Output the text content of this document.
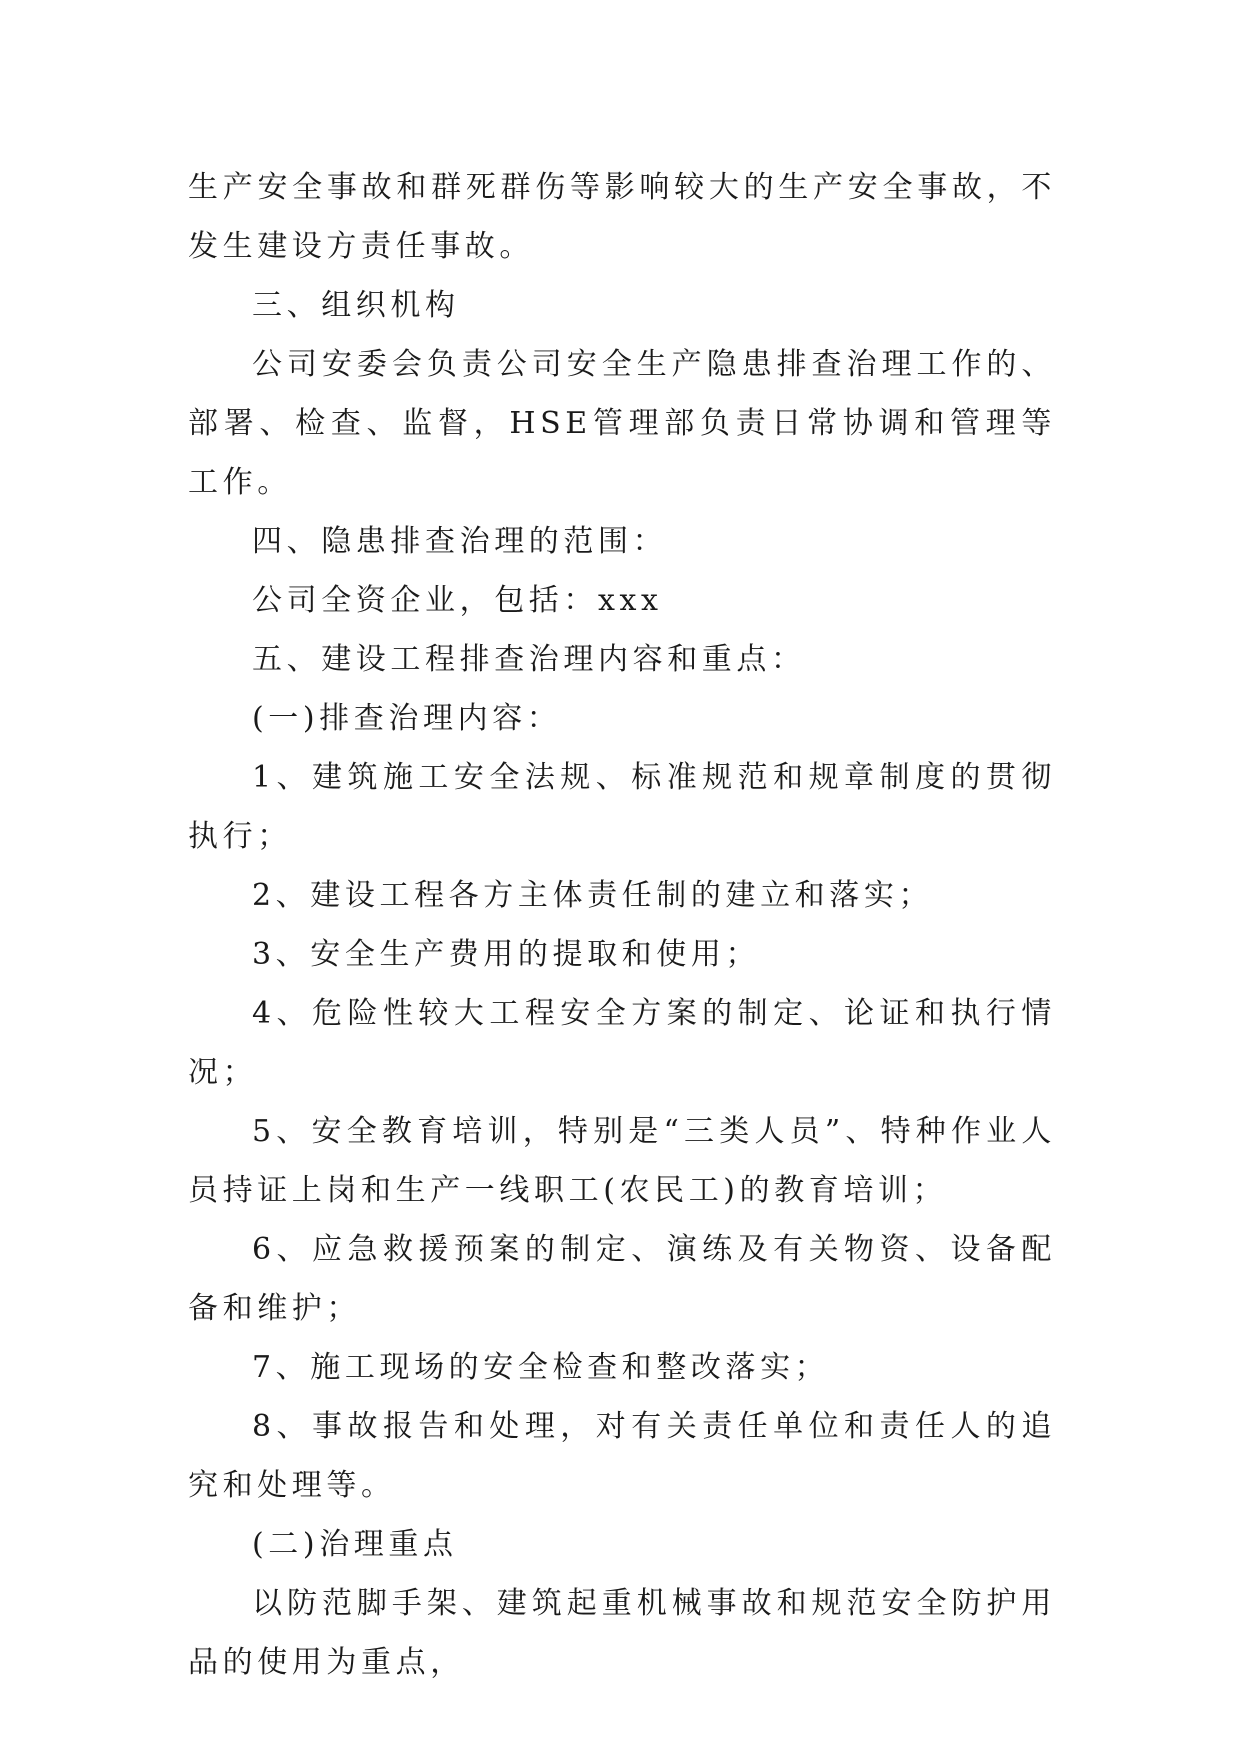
生产安全事故和群死群伤等影响较大的生产安全事故，不发生建设方责任事故。

三、组织机构

公司安委会负责公司安全生产隐患排查治理工作的、部署、检查、监督，HSE管理部负责日常协调和管理等工作。

四、隐患排查治理的范围：

公司全资企业，包括：xxx

五、建设工程排查治理内容和重点：

(一)排查治理内容：

1、建筑施工安全法规、标准规范和规章制度的贯彻执行；

2、建设工程各方主体责任制的建立和落实；

3、安全生产费用的提取和使用；

4、危险性较大工程安全方案的制定、论证和执行情况；

5、安全教育培训，特别是“三类人员”、特种作业人员持证上岗和生产一线职工(农民工)的教育培训；

6、应急救援预案的制定、演练及有关物资、设备配备和维护；

7、施工现场的安全检查和整改落实；

8、事故报告和处理，对有关责任单位和责任人的追究和处理等。

(二)治理重点

以防范脚手架、建筑起重机械事故和规范安全防护用品的使用为重点，
